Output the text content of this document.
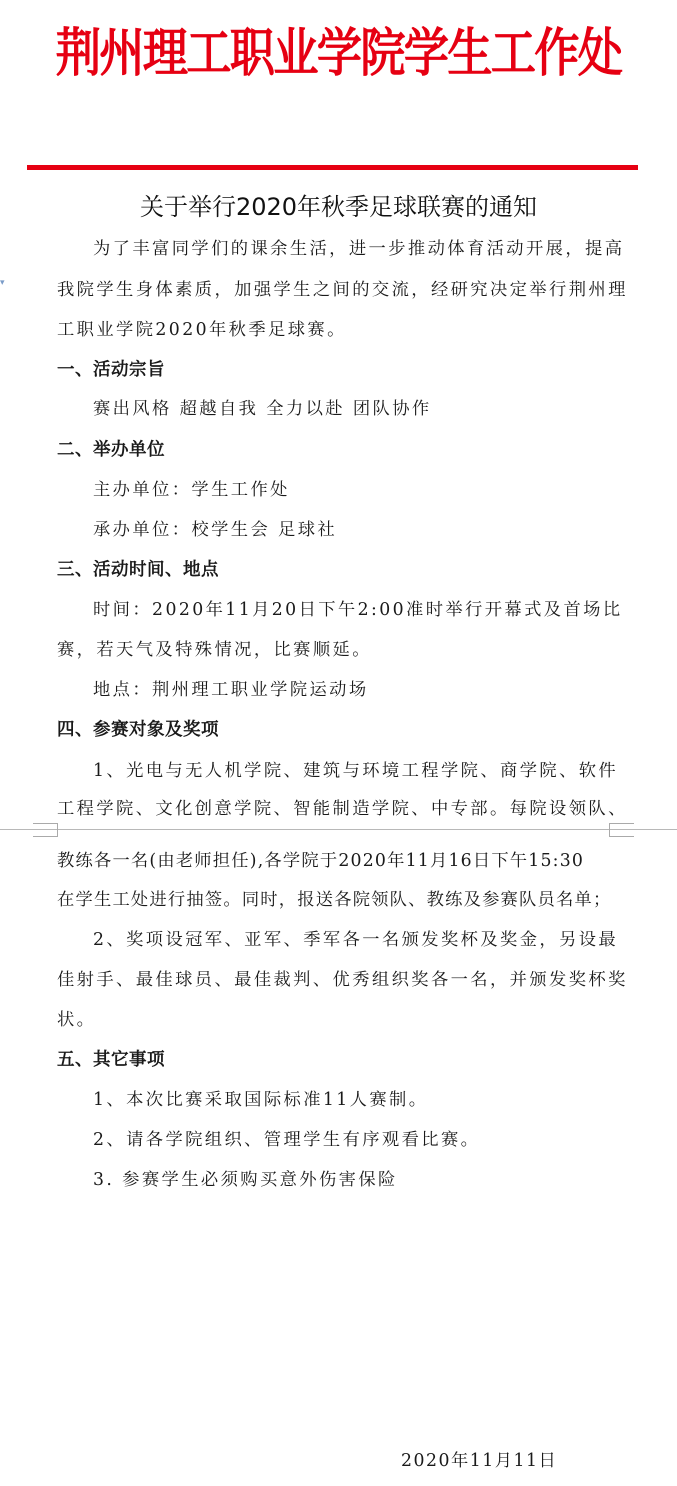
荆州理工职业学院学生工作处
关于举行2020年秋季足球联赛的通知
▾
为了丰富同学们的课余生活，进一步推动体育活动开展，提高
我院学生身体素质，加强学生之间的交流，经研究决定举行荆州理
工职业学院2020年秋季足球赛。
一、活动宗旨
赛出风格 超越自我 全力以赴 团队协作
二、举办单位
主办单位：学生工作处
承办单位：校学生会 足球社
三、活动时间、地点
时间：2020年11月20日下午2:00准时举行开幕式及首场比
赛，若天气及特殊情况，比赛顺延。
地点：荆州理工职业学院运动场
四、参赛对象及奖项
1、光电与无人机学院、建筑与环境工程学院、商学院、软件
工程学院、文化创意学院、智能制造学院、中专部。每院设领队、
教练各一名(由老师担任),各学院于2020年11月16日下午15:30
在学生工处进行抽签。同时，报送各院领队、教练及参赛队员名单；
2、奖项设冠军、亚军、季军各一名颁发奖杯及奖金，另设最
佳射手、最佳球员、最佳裁判、优秀组织奖各一名，并颁发奖杯奖
状。
五、其它事项
1、本次比赛采取国际标准11人赛制。
2、请各学院组织、管理学生有序观看比赛。
3. 参赛学生必须购买意外伤害保险
2020年11月11日
